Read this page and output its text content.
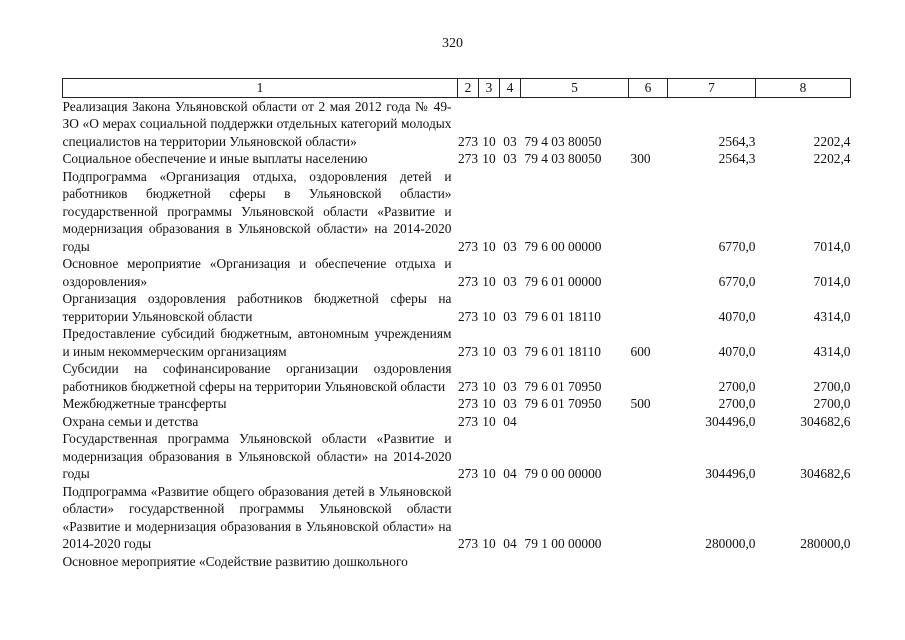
320
1	2	3	4	5	6	7	8
Реализация Закона Ульяновской области от 2 мая 2012 года № 49-ЗО «О мерах социальной поддержки отдельных категорий молодых специалистов на территории Ульяновской области»	273	10	03	79 4 03 80050		2564,3	2202,4
Социальное обеспечение и иные выплаты населению	273	10	03	79 4 03 80050	300	2564,3	2202,4
Подпрограмма «Организация отдыха, оздоровления детей и работников бюджетной сферы в Ульяновской области» государственной программы Ульяновской области «Развитие и модернизация образования в Ульяновской области» на 2014-2020 годы	273	10	03	79 6 00 00000		6770,0	7014,0
Основное мероприятие «Организация и обеспечение отдыха и оздоровления»	273	10	03	79 6 01 00000		6770,0	7014,0
Организация оздоровления работников бюджетной сферы на территории Ульяновской области	273	10	03	79 6 01 18110		4070,0	4314,0
Предоставление субсидий бюджетным, автономным учреждениям и иным некоммерческим организациям	273	10	03	79 6 01 18110	600	4070,0	4314,0
Субсидии на софинансирование организации оздоровления работников бюджетной сферы на территории Ульяновской области	273	10	03	79 6 01 70950		2700,0	2700,0
Межбюджетные трансферты	273	10	03	79 6 01 70950	500	2700,0	2700,0
Охрана семьи и детства	273	10	04			304496,0	304682,6
Государственная программа Ульяновской области «Развитие и модернизация образования в Ульяновской области» на 2014-2020 годы	273	10	04	79 0 00 00000		304496,0	304682,6
Подпрограмма «Развитие общего образования детей в Ульяновской области» государственной программы Ульяновской области «Развитие и модернизация образования в Ульяновской области» на 2014-2020 годы	273	10	04	79 1 00 00000		280000,0	280000,0
Основное мероприятие «Содействие развитию дошкольного							
